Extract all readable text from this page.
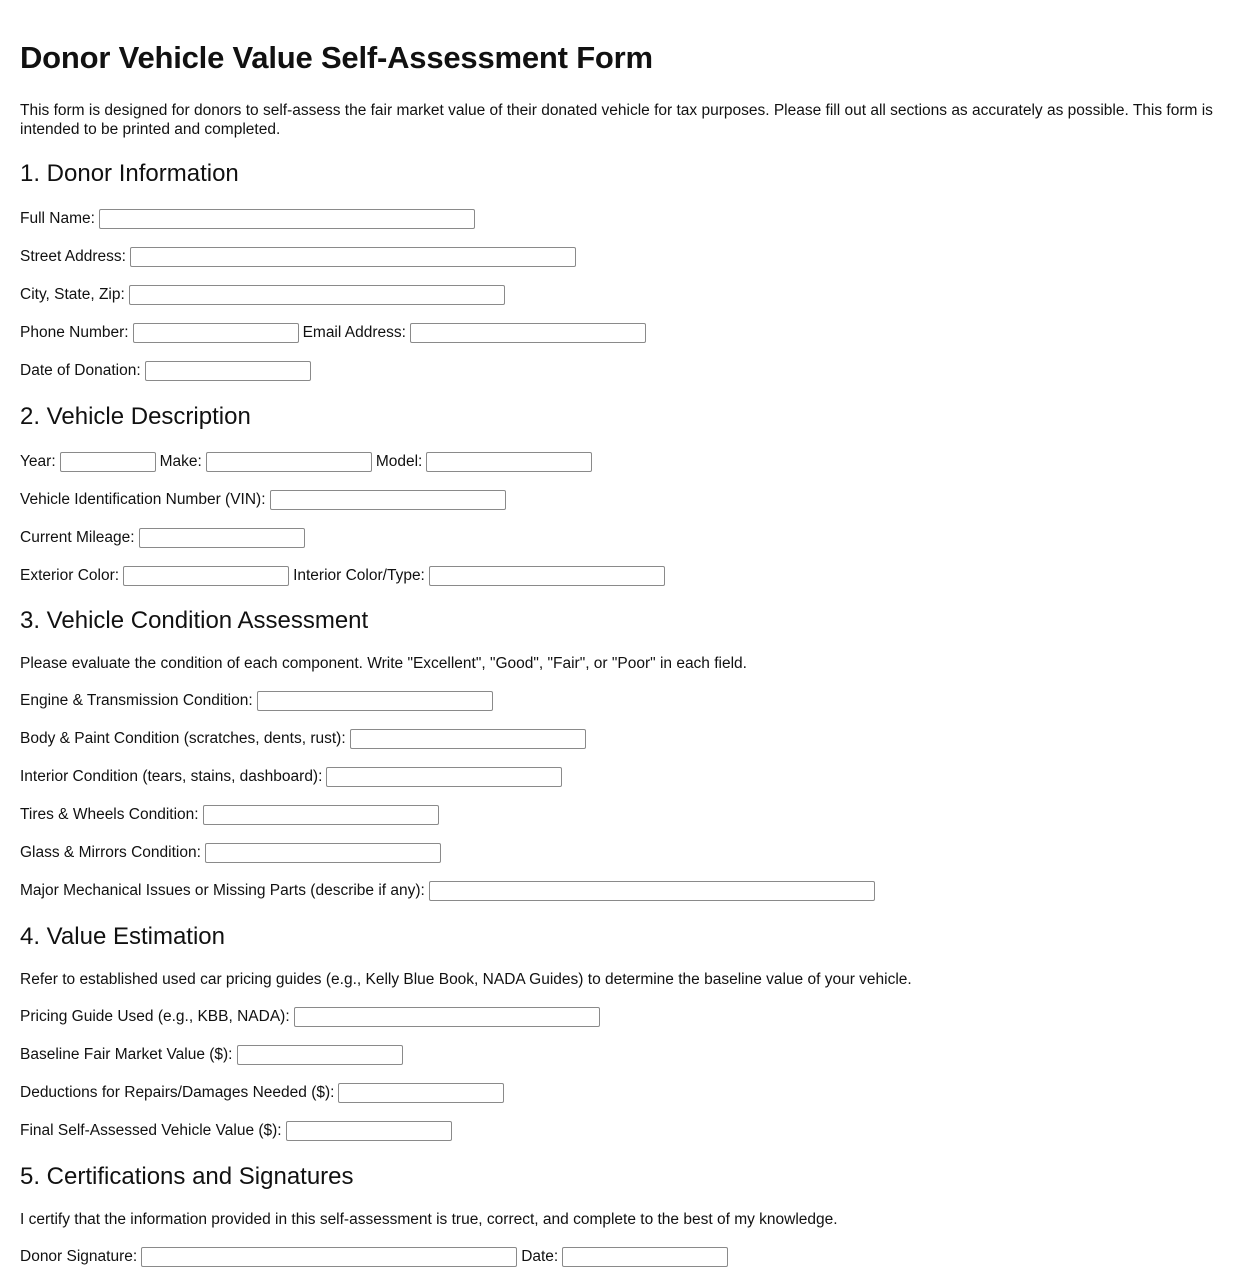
Donor Vehicle Value Self-Assessment Form

This form is designed for donors to self-assess the fair market value of their donated vehicle for tax purposes. Please fill out all sections as accurately as possible. This form is intended to be printed and completed.

1. Donor Information
Full Name:
Street Address:
City, State, Zip:
Phone Number:	Email Address:
Date of Donation:
2. Vehicle Description
Year:	Make:	Model:
Vehicle Identification Number (VIN):
Current Mileage:
Exterior Color:	Interior Color/Type:
3. Vehicle Condition Assessment

Please evaluate the condition of each component. Write "Excellent", "Good", "Fair", or "Poor" in each field.

Engine & Transmission Condition:
Body & Paint Condition (scratches, dents, rust):
Interior Condition (tears, stains, dashboard):
Tires & Wheels Condition:
Glass & Mirrors Condition:
Major Mechanical Issues or Missing Parts (describe if any):
4. Value Estimation

Refer to established used car pricing guides (e.g., Kelly Blue Book, NADA Guides) to determine the baseline value of your vehicle.

Pricing Guide Used (e.g., KBB, NADA):
Baseline Fair Market Value ($):
Deductions for Repairs/Damages Needed ($):
Final Self-Assessed Vehicle Value ($):
5. Certifications and Signatures

I certify that the information provided in this self-assessment is true, correct, and complete to the best of my knowledge.

Donor Signature:	Date:
